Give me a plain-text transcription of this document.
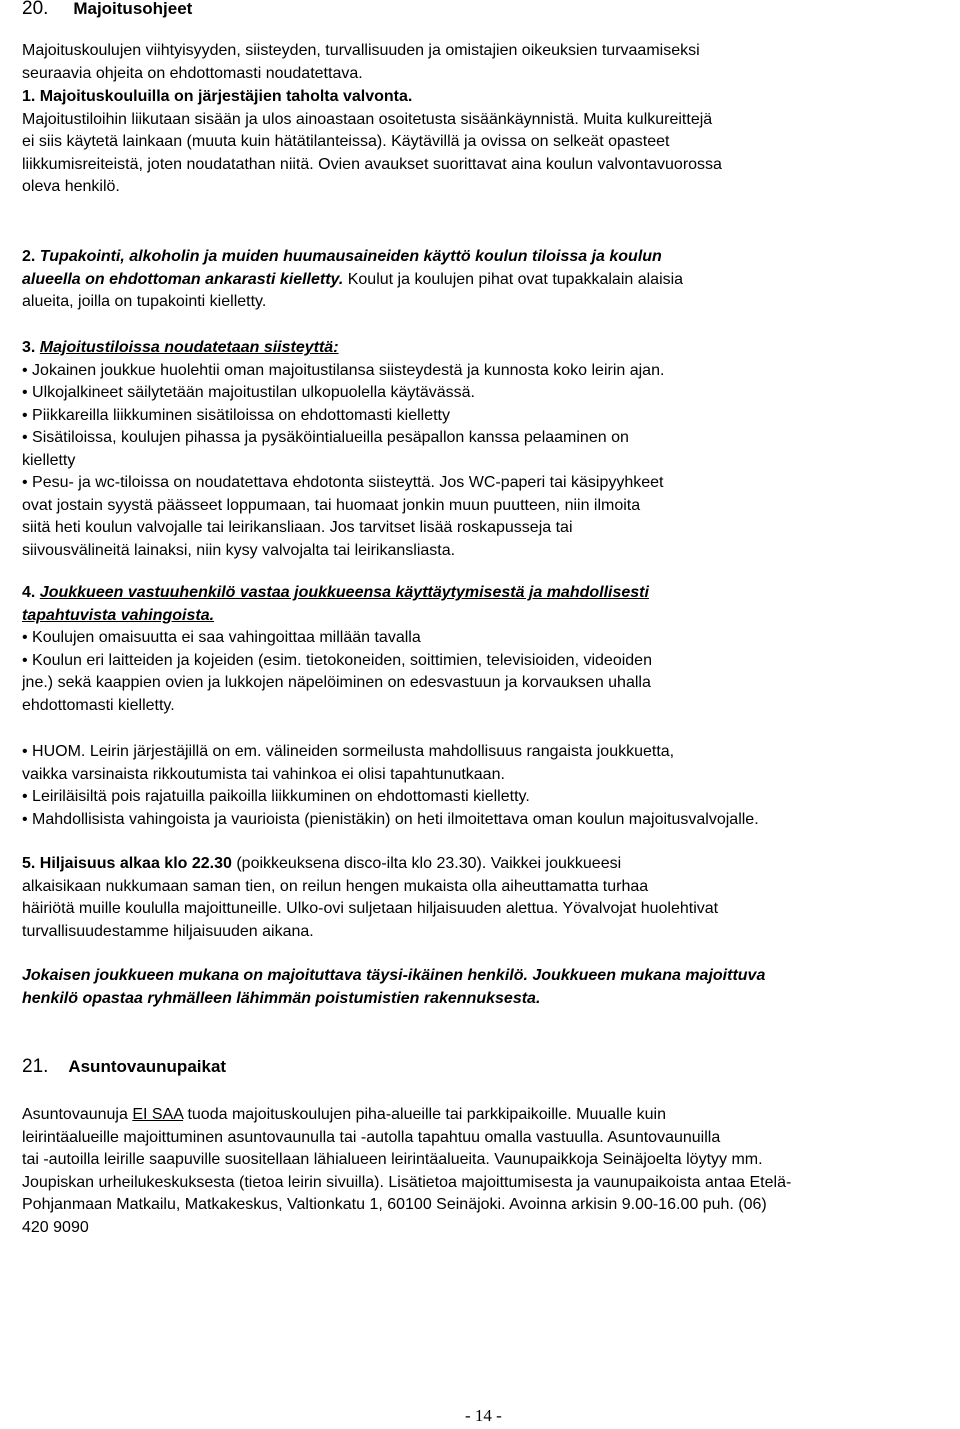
20. Majoitusohjeet
Majoituskoulujen viihtyisyyden, siisteyden, turvallisuuden ja omistajien oikeuksien turvaamiseksi
seuraavia ohjeita on ehdottomasti noudatettava.
1. Majoituskouluilla on järjestäjien taholta valvonta.
Majoitustiloihin liikutaan sisään ja ulos ainoastaan osoitetusta sisäänkäynnistä. Muita kulkureittejä
ei siis käytetä lainkaan (muuta kuin hätätilanteissa). Käytävillä ja ovissa on selkeät opasteet
liikkumisreiteistä, joten noudatathan niitä. Ovien avaukset suorittavat aina koulun valvontavuorossa
oleva henkilö.
2. Tupakointi, alkoholin ja muiden huumausaineiden käyttö koulun tiloissa ja koulun
alueella on ehdottoman ankarasti kielletty. Koulut ja koulujen pihat ovat tupakkalain alaisia
alueita, joilla on tupakointi kielletty.
3. Majoitustiloissa noudatetaan siisteyttä:
• Jokainen joukkue huolehtii oman majoitustilansa siisteydestä ja kunnosta koko leirin ajan.
• Ulkojalkineet säilytetään majoitustilan ulkopuolella käytävässä.
• Piikkareilla liikkuminen sisätiloissa on ehdottomasti kielletty
• Sisätiloissa, koulujen pihassa ja pysäköintialueilla pesäpallon kanssa pelaaminen on
kielletty
• Pesu- ja wc-tiloissa on noudatettava ehdotonta siisteyttä. Jos WC-paperi tai käsipyyhkeet
ovat jostain syystä päässeet loppumaan, tai huomaat jonkin muun puutteen, niin ilmoita
siitä heti koulun valvojalle tai leirikansliaan. Jos tarvitset lisää roskapusseja tai
siivousvälineitä lainaksi, niin kysy valvojalta tai leirikansliasta.
4. Joukkueen vastuuhenkilö vastaa joukkueensa käyttäytymisestä ja mahdollisesti
tapahtuvista vahingoista.
• Koulujen omaisuutta ei saa vahingoittaa millään tavalla
• Koulun eri laitteiden ja kojeiden (esim. tietokoneiden, soittimien, televisioiden, videoiden
jne.) sekä kaappien ovien ja lukkojen näpelöiminen on edesvastuun ja korvauksen uhalla
ehdottomasti kielletty.
• HUOM. Leirin järjestäjillä on em. välineiden sormeilusta mahdollisuus rangaista joukkuetta,
vaikka varsinaista rikkoutumista tai vahinkoa ei olisi tapahtunutkaan.
• Leiriläisiltä pois rajatuilla paikoilla liikkuminen on ehdottomasti kielletty.
• Mahdollisista vahingoista ja vaurioista (pienistäkin) on heti ilmoitettava oman koulun majoitusvalvojalle.
5. Hiljaisuus alkaa klo 22.30 (poikkeuksena disco-ilta klo 23.30). Vaikkei joukkueesi
alkaisikaan nukkumaan saman tien, on reilun hengen mukaista olla aiheuttamatta turhaa
häiriötä muille koululla majoittuneille. Ulko-ovi suljetaan hiljaisuuden alettua. Yövalvojat huolehtivat
turvallisuudestamme hiljaisuuden aikana.
Jokaisen joukkueen mukana on majoituttava täysi-ikäinen henkilö. Joukkueen mukana majoittuva
henkilö opastaa ryhmälleen lähimmän poistumistien rakennuksesta.
21. Asuntovaunupaikat
Asuntovaunuja EI SAA tuoda majoituskoulujen piha-alueille tai parkkipaikoille. Muualle kuin
leirintäalueille majoittuminen asuntovaunulla tai -autolla tapahtuu omalla vastuulla. Asuntovaunuilla
tai -autoilla leirille saapuville suositellaan lähialueen leirintäalueita. Vaunupaikkoja Seinäjoelta löytyy mm.
Joupiskan urheilukeskuksesta (tietoa leirin sivuilla). Lisätietoa majoittumisesta ja vaunupaikoista antaa Etelä-
Pohjanmaan Matkailu, Matkakeskus, Valtionkatu 1, 60100 Seinäjoki. Avoinna arkisin 9.00-16.00 puh. (06)
420 9090
- 14 -
